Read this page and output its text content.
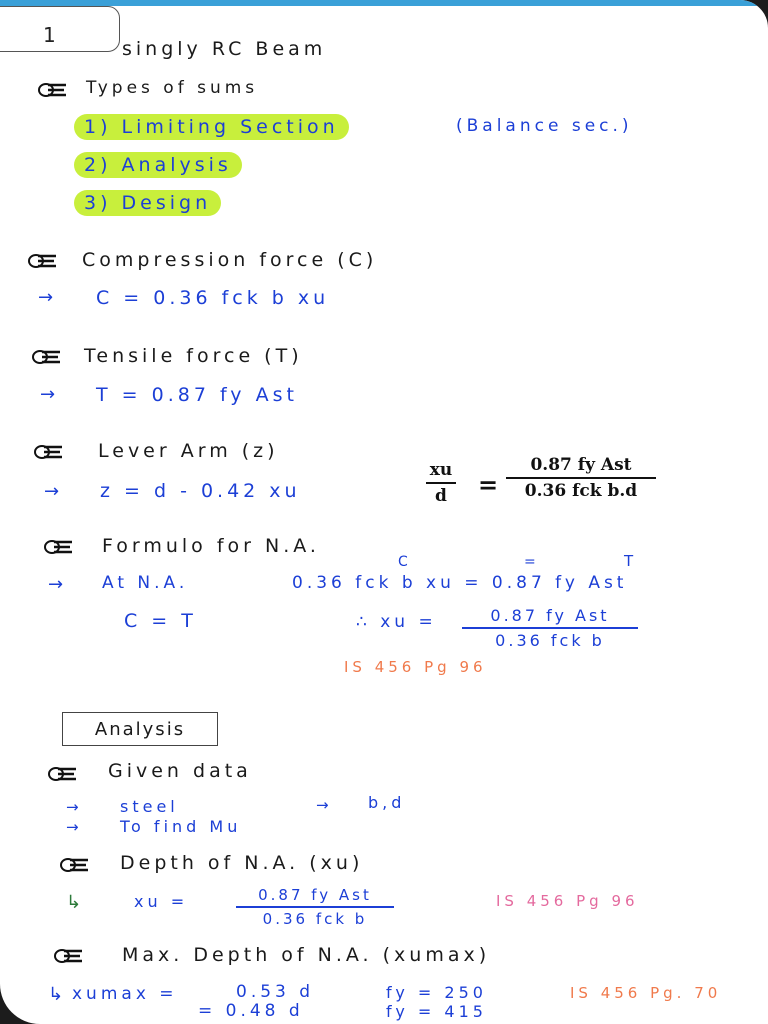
1
singly RC Beam
Types of sums
1) Limiting Section	(Balance sec.)
2) Analysis
3) Design
Compression force (C)
→ C = 0.36 fck b xu
Tensile force (T)
→ T = 0.87 fy Ast
Lever Arm (z)
→ z = d - 0.42 xu
xu
d	=
0.87 fy Ast
0.36 fck b.d
Formulo for N.A.
C	=	T
→ At N.A.	0.36 fck b xu = 0.87 fy Ast
C = T	∴ xu =	0.87 fy Ast
0.36 fck b
IS 456 Pg 96
Analysis
Given data
→	steel	→ b,d
→	To find Mu
Depth of N.A. (xu)
↳	xu =	0.87 fy Ast
0.36 fck b
IS 456 Pg 96
Max. Depth of N.A. (xumax)
↳ xumax =	0.53 d
= 0.48 d
fy = 250
fy = 415
IS 456 Pg. 70
